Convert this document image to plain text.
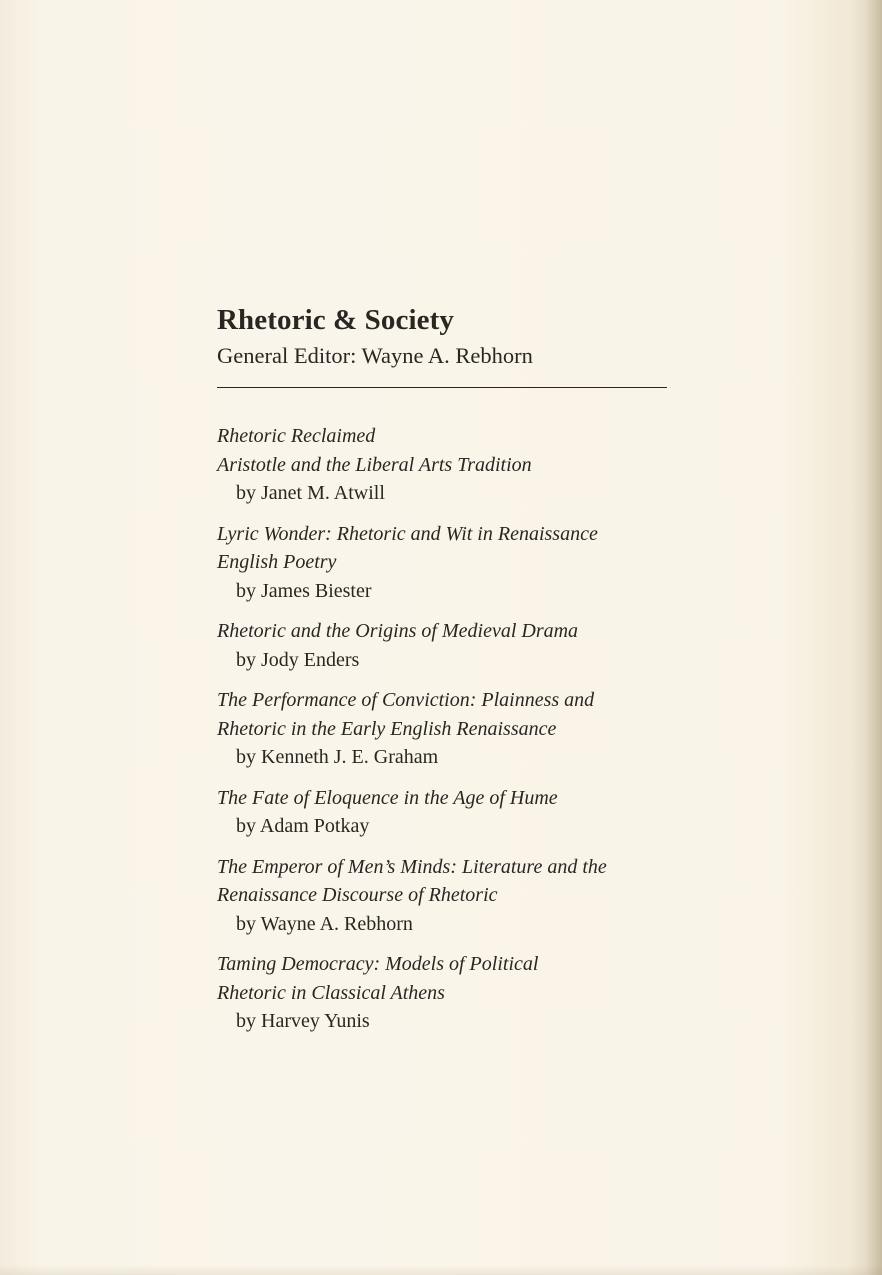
Rhetoric & Society

General Editor: Wayne A. Rebhorn

Rhetoric Reclaimed
Aristotle and the Liberal Arts Tradition
by Janet M. Atwill
Lyric Wonder: Rhetoric and Wit in Renaissance
English Poetry
by James Biester
Rhetoric and the Origins of Medieval Drama
by Jody Enders
The Performance of Conviction: Plainness and
Rhetoric in the Early English Renaissance
by Kenneth J. E. Graham
The Fate of Eloquence in the Age of Hume
by Adam Potkay
The Emperor of Men’s Minds: Literature and the
Renaissance Discourse of Rhetoric
by Wayne A. Rebhorn
Taming Democracy: Models of Political
Rhetoric in Classical Athens
by Harvey Yunis
